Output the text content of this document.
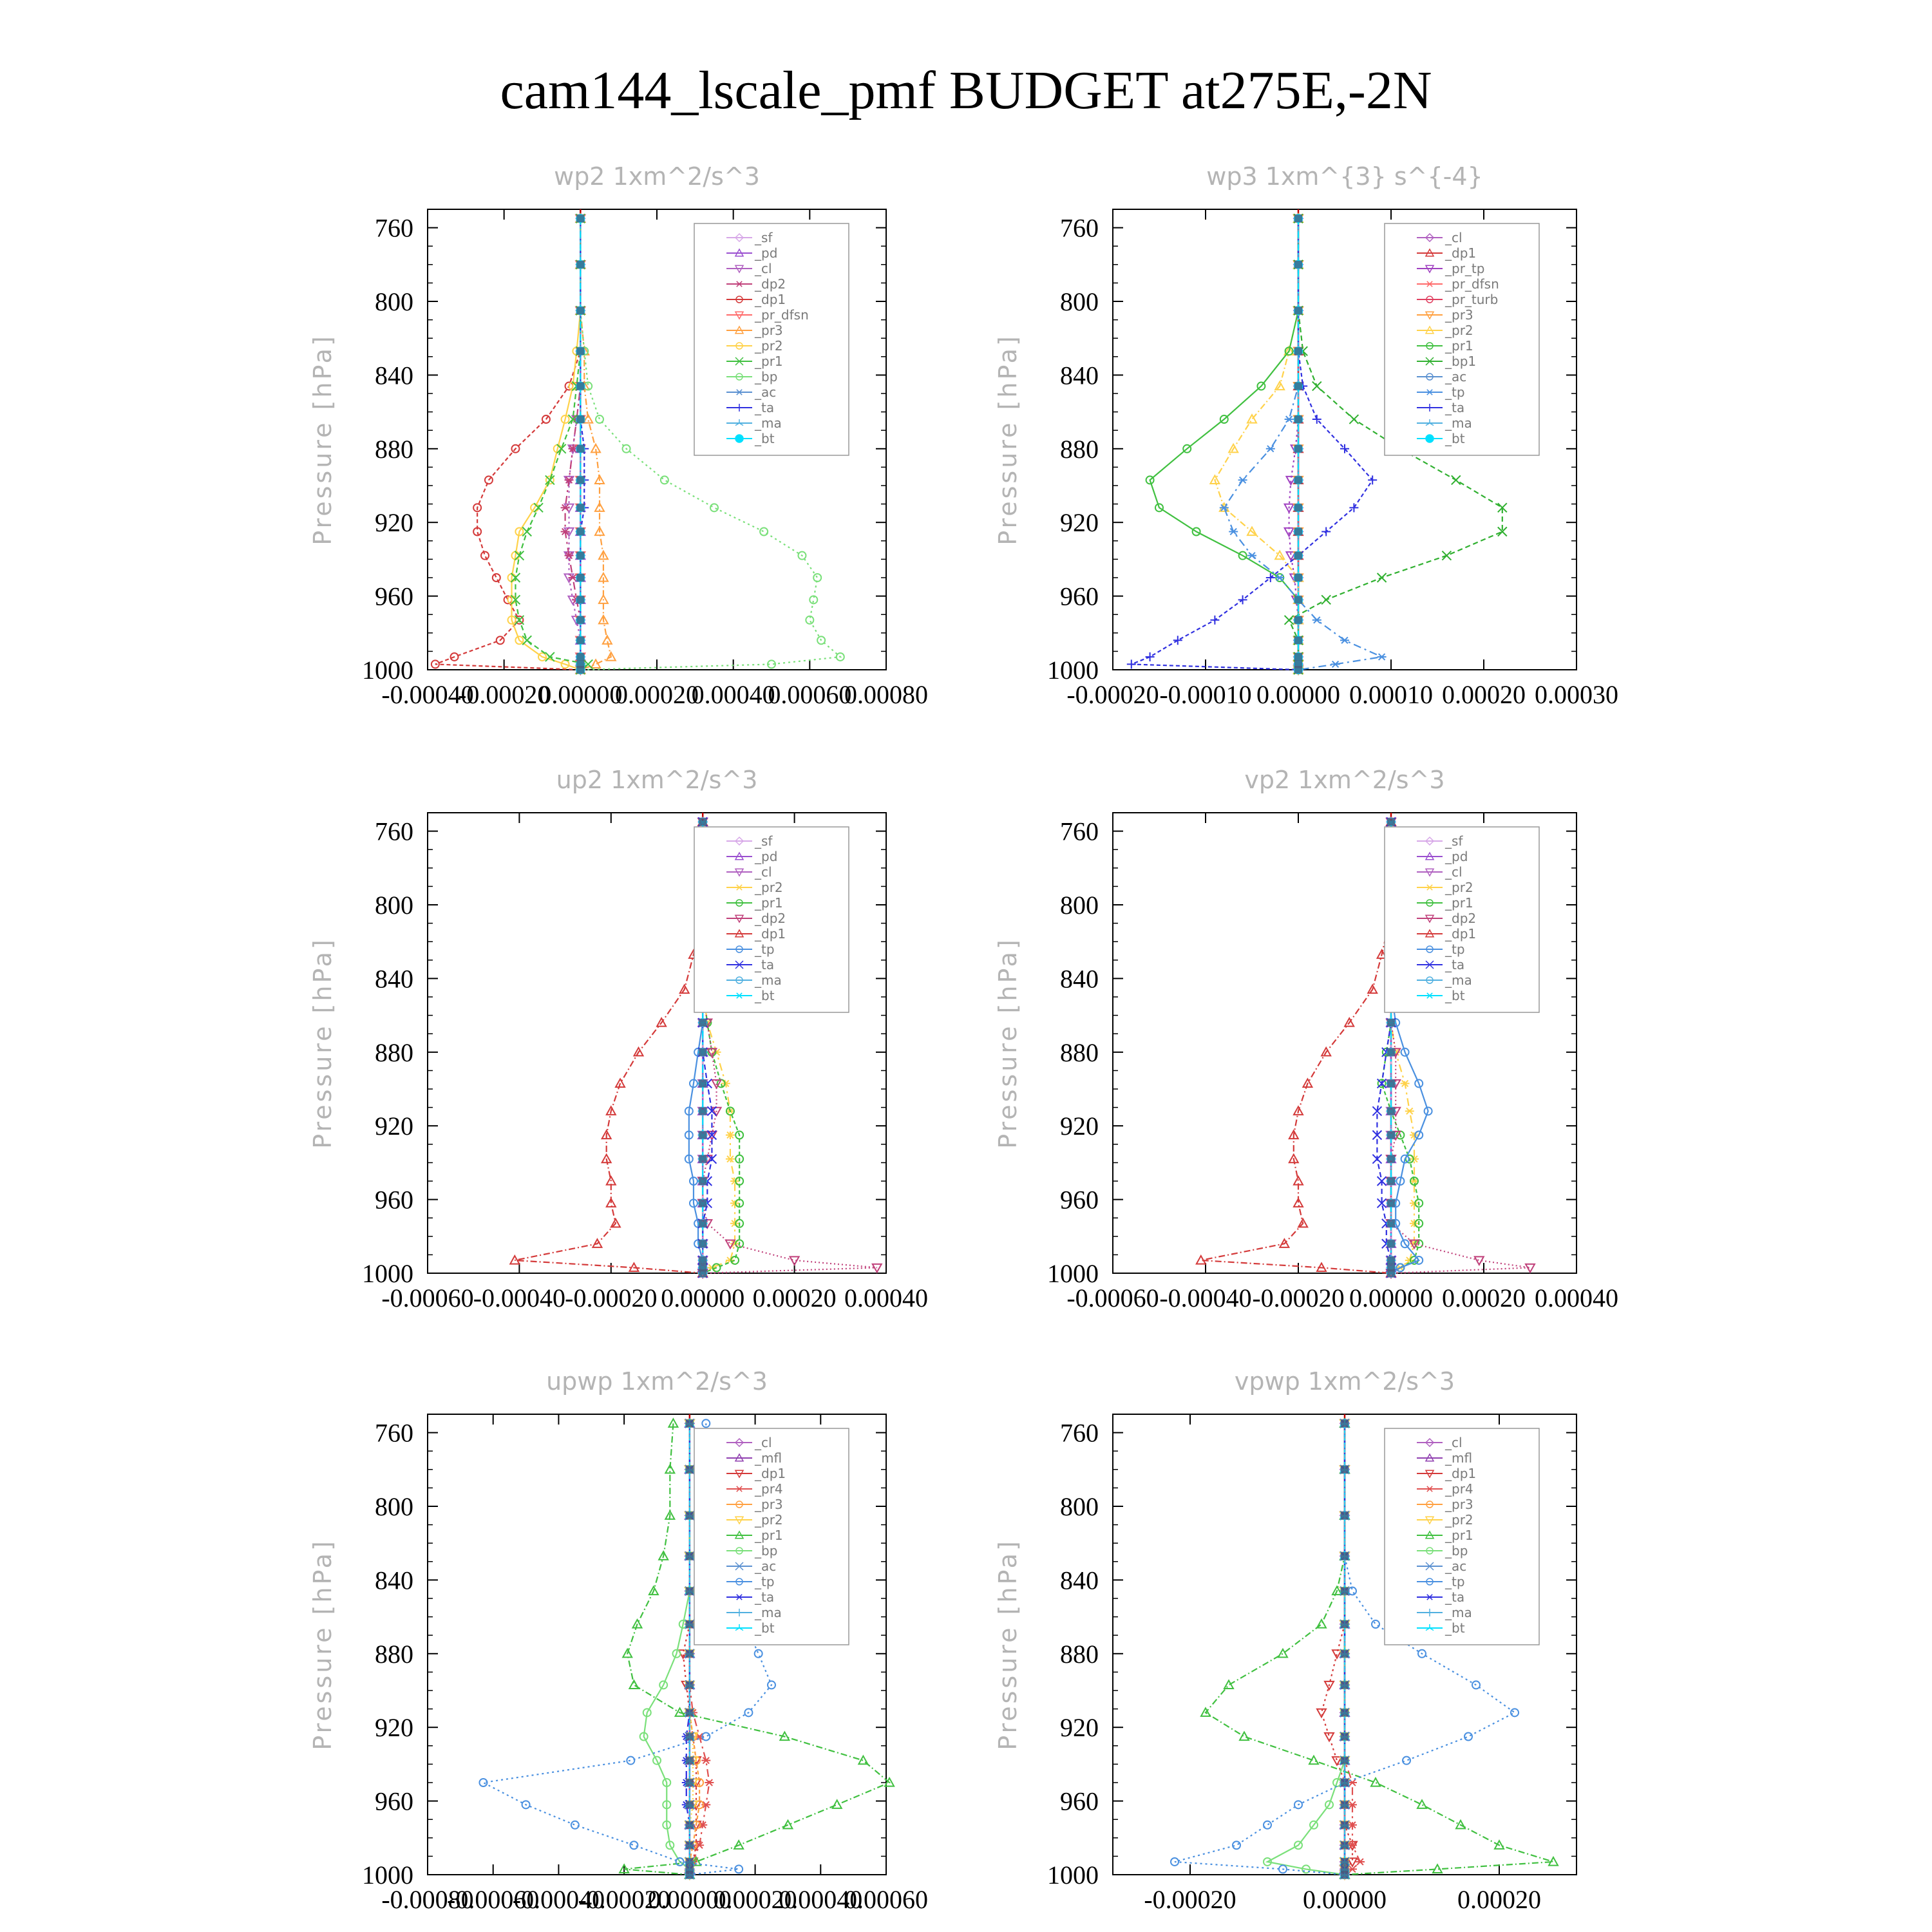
cam144_lscale_pmf BUDGET at275E,-2N
wp2 1xm^2/s^3
Pressure [hPa]
760
800
840
880
920
960
1000
-0.00040
-0.00020
0.00000
0.00020
0.00040
0.00060
0.00080
_sf
_pd
_cl
_dp2
_dp1
_pr_dfsn
_pr3
_pr2
_pr1
_bp
_ac
_ta
_ma
_bt
wp3 1xm^{3} s^{-4}
Pressure [hPa]
760
800
840
880
920
960
1000
-0.00020 -0.00010 0.00000 0.00010 0.00020 0.00030
_cl
_dp1
_pr_tp
_pr_dfsn
_pr_turb
_pr3
_pr2
_pr1
_bp1
_ac
_tp
_ta
_ma
_bt
up2 1xm^2/s^3
Pressure [hPa]
760
800
840
880
920
960
1000
-0.00060 -0.00040 -0.00020 0.00000 0.00020 0.00040
_sf
_pd
_cl
_pr2
_pr1
_dp2
_dp1
_tp
_ta
_ma
_bt
vp2 1xm^2/s^3
Pressure [hPa]
760
800
840
880
920
960
1000
-0.00060 -0.00040 -0.00020 0.00000 0.00020 0.00040
_sf
_pd
_cl
_pr2
_pr1
_dp2
_dp1
_tp
_ta
_ma
_bt
upwp 1xm^2/s^3
Pressure [hPa]
760
800
840
880
920
960
1000
-0.00080
-0.00060
-0.00040
-0.00020
0.00000
0.00020
0.00040
0.00060
_cl
_mfl
_dp1
_pr4
_pr3
_pr2
_pr1
_bp
_ac
_tp
_ta
_ma
_bt
vpwp 1xm^2/s^3
Pressure [hPa]
760
800
840
880
920
960
1000
-0.00020	0.00000	0.00020
_cl
_mfl
_dp1
_pr4
_pr3
_pr2
_pr1
_bp
_ac
_tp
_ta
_ma
_bt
